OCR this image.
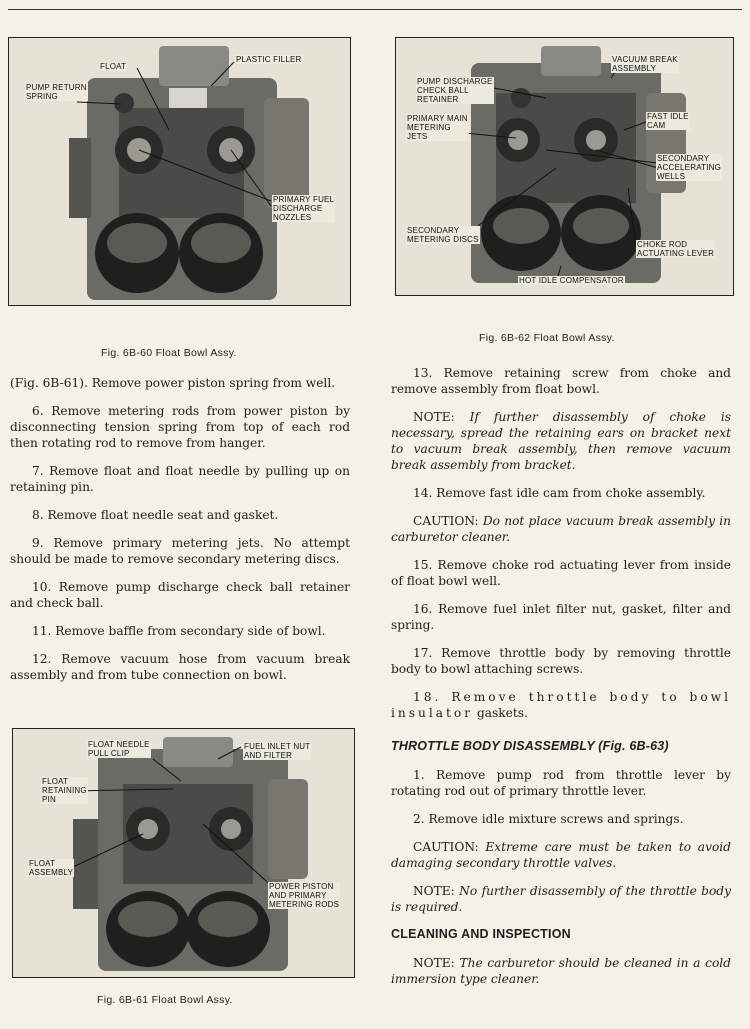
FLOAT
PLASTIC FILLER
PUMP RETURN
SPRING
PRIMARY FUEL
DISCHARGE
NOZZLES
Fig. 6B-60 Float Bowl Assy.
VACUUM BREAK
ASSEMBLY
PUMP DISCHARGE
CHECK BALL
RETAINER
FAST IDLE
CAM
PRIMARY MAIN
METERING
JETS
SECONDARY
ACCELERATING
WELLS
SECONDARY
METERING DISCS
CHOKE ROD
ACTUATING LEVER
HOT IDLE COMPENSATOR
Fig. 6B-62 Float Bowl Assy.
FLOAT NEEDLE
PULL CLIP
FUEL INLET NUT
AND FILTER
FLOAT
RETAINING
PIN
FLOAT
ASSEMBLY
POWER PISTON
AND PRIMARY
METERING RODS
Fig. 6B-61 Float Bowl Assy.

(Fig. 6B-61). Remove power piston spring from well.

6. Remove metering rods from power piston by disconnecting tension spring from top of each rod then rotating rod to remove from hanger.

7. Remove float and float needle by pulling up on retaining pin.

8. Remove float needle seat and gasket.

9. Remove primary metering jets. No attempt should be made to remove secondary metering discs.

10. Remove pump discharge check ball retainer and check ball.

11. Remove baffle from secondary side of bowl.

12. Remove vacuum hose from vacuum break assembly and from tube connection on bowl.

13. Remove retaining screw from choke and remove assembly from float bowl.

NOTE: If further disassembly of choke is necessary, spread the retaining ears on bracket next to vacuum break assembly, then remove vacuum break assembly from bracket.

14. Remove fast idle cam from choke assembly.

CAUTION: Do not place vacuum break assembly in carburetor cleaner.

15. Remove choke rod actuating lever from inside of float bowl well.

16. Remove fuel inlet filter nut, gasket, filter and spring.

17. Remove throttle body by removing throttle body to bowl attaching screws.

18. Remove throttle body to bowl insulator gaskets.

THROTTLE BODY DISASSEMBLY (Fig. 6B-63)

1. Remove pump rod from throttle lever by rotating rod out of primary throttle lever.

2. Remove idle mixture screws and springs.

CAUTION: Extreme care must be taken to avoid damaging secondary throttle valves.

NOTE: No further disassembly of the throttle body is required.

CLEANING AND INSPECTION

NOTE: The carburetor should be cleaned in a cold immersion type cleaner.
